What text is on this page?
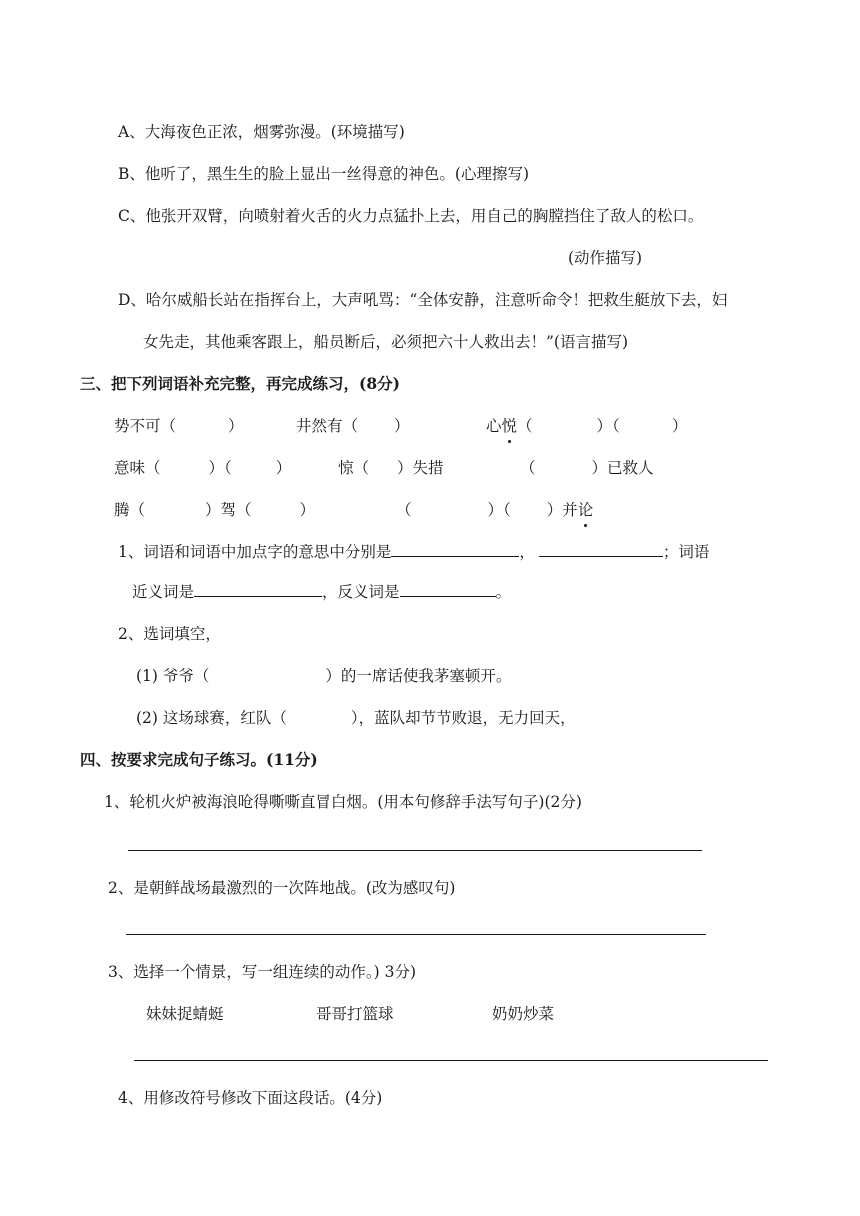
A、大海夜色正浓，烟雾弥漫。(环境描写)
B、他听了，黑生生的脸上显出一丝得意的神色。(心理擦写)
C、他张开双臂，向喷射着火舌的火力点猛扑上去，用自己的胸膛挡住了敌人的松口。
(动作描写)
D、哈尔威船长站在指挥台上，大声吼骂：“全体安静，注意听命令！把救生艇放下去，妇
女先走，其他乘客跟上，船员断后，必须把六十人救出去！”(语言描写)
三、把下列词语补充完整，再完成练习，(8分)
势不可（	）	井然有（ ）	心悦（	）（	）
意味（	）（	）	惊（ ）失措	（	）已救人
腾（	）驾（	）	（	）（ ）并论
1、词语和词语中加点字的意思中分别是	，	；词语
近义词是	，反义词是	。
2、选词填空，
(1) 爷爷（	）的一席话使我茅塞顿开。
(2) 这场球赛，红队（	），蓝队却节节败退，无力回天，
四、按要求完成句子练习。(11分)
1、轮机火炉被海浪呛得嘶嘶直冒白烟。(用本句修辞手法写句子)(2分)
2、是朝鲜战场最激烈的一次阵地战。(改为感叹句)
3、选择一个情景，写一组连续的动作。) 3分)
妹妹捉蜻蜓	哥哥打篮球	奶奶炒菜
4、用修改符号修改下面这段话。(4分)
